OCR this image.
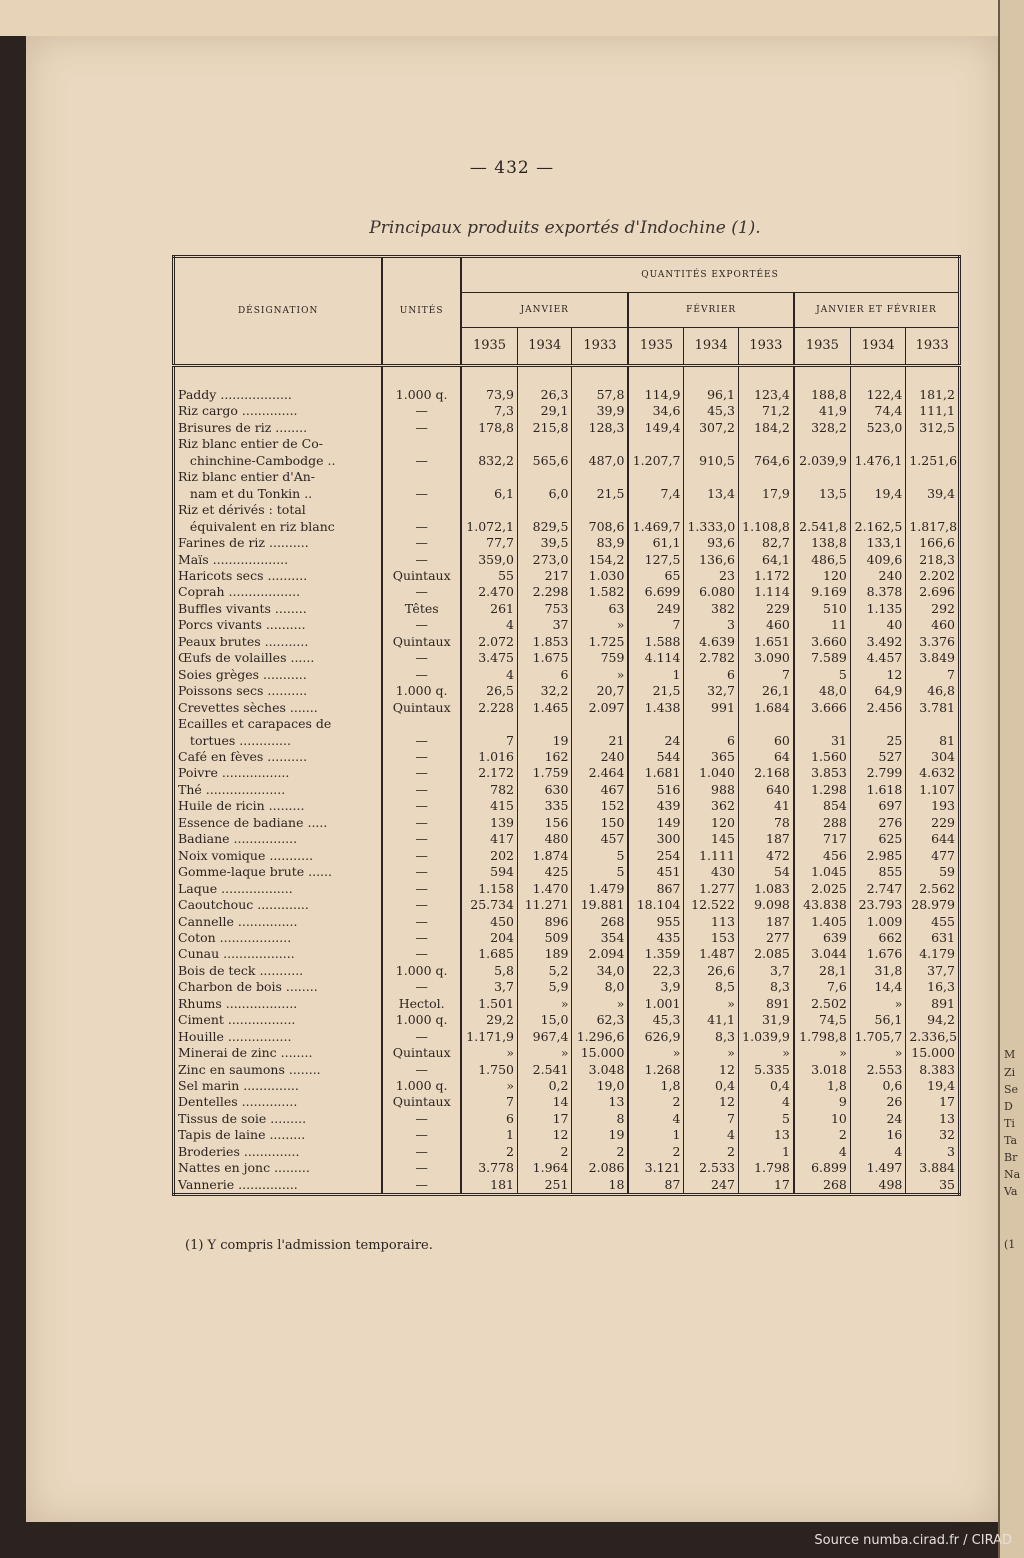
M
Zi
Se
D
Ti
Ta
Br
Na
Va
(1
— 432 —
Principaux produits exportés d'Indochine (1).
DÉSIGNATION	UNITÉS	QUANTITÉS EXPORTÉES								
		JANVIER			FÉVRIER			JANVIER ET FÉVRIER		
		1935	1934	1933	1935	1934	1933	1935	1934	1933

Paddy ..................	1.000 q.	73,9	26,3	57,8	114,9	96,1	123,4	188,8	122,4	181,2
Riz cargo ..............	—	7,3	29,1	39,9	34,6	45,3	71,2	41,9	74,4	111,1
Brisures de riz ........	—	178,8	215,8	128,3	149,4	307,2	184,2	328,2	523,0	312,5
Riz blanc entier de Co-										
chinchine-Cambodge ..	—	832,2	565,6	487,0	1.207,7	910,5	764,6	2.039,9	1.476,1	1.251,6
Riz blanc entier d'An-										
nam et du Tonkin ..	—	6,1	6,0	21,5	7,4	13,4	17,9	13,5	19,4	39,4
Riz et dérivés : total										
équivalent en riz blanc	—	1.072,1	829,5	708,6	1.469,7	1.333,0	1.108,8	2.541,8	2.162,5	1.817,8
Farines de riz ..........	—	77,7	39,5	83,9	61,1	93,6	82,7	138,8	133,1	166,6
Maïs ...................	—	359,0	273,0	154,2	127,5	136,6	64,1	486,5	409,6	218,3
Haricots secs ..........	Quintaux	55	217	1.030	65	23	1.172	120	240	2.202
Coprah ..................	—	2.470	2.298	1.582	6.699	6.080	1.114	9.169	8.378	2.696
Buffles vivants ........	Têtes	261	753	63	249	382	229	510	1.135	292
Porcs vivants ..........	—	4	37	»	7	3	460	11	40	460
Peaux brutes ...........	Quintaux	2.072	1.853	1.725	1.588	4.639	1.651	3.660	3.492	3.376
Œufs de volailles ......	—	3.475	1.675	759	4.114	2.782	3.090	7.589	4.457	3.849
Soies grèges ...........	—	4	6	»	1	6	7	5	12	7
Poissons secs ..........	1.000 q.	26,5	32,2	20,7	21,5	32,7	26,1	48,0	64,9	46,8
Crevettes sèches .......	Quintaux	2.228	1.465	2.097	1.438	991	1.684	3.666	2.456	3.781
Ecailles et carapaces de										
tortues .............	—	7	19	21	24	6	60	31	25	81
Café en fèves ..........	—	1.016	162	240	544	365	64	1.560	527	304
Poivre .................	—	2.172	1.759	2.464	1.681	1.040	2.168	3.853	2.799	4.632
Thé ....................	—	782	630	467	516	988	640	1.298	1.618	1.107
Huile de ricin .........	—	415	335	152	439	362	41	854	697	193
Essence de badiane .....	—	139	156	150	149	120	78	288	276	229
Badiane ................	—	417	480	457	300	145	187	717	625	644
Noix vomique ...........	—	202	1.874	5	254	1.111	472	456	2.985	477
Gomme-laque brute ......	—	594	425	5	451	430	54	1.045	855	59
Laque ..................	—	1.158	1.470	1.479	867	1.277	1.083	2.025	2.747	2.562
Caoutchouc .............	—	25.734	11.271	19.881	18.104	12.522	9.098	43.838	23.793	28.979
Cannelle ...............	—	450	896	268	955	113	187	1.405	1.009	455
Coton ..................	—	204	509	354	435	153	277	639	662	631
Cunau ..................	—	1.685	189	2.094	1.359	1.487	2.085	3.044	1.676	4.179
Bois de teck ...........	1.000 q.	5,8	5,2	34,0	22,3	26,6	3,7	28,1	31,8	37,7
Charbon de bois ........	—	3,7	5,9	8,0	3,9	8,5	8,3	7,6	14,4	16,3
Rhums ..................	Hectol.	1.501	»	»	1.001	»	891	2.502	»	891
Ciment .................	1.000 q.	29,2	15,0	62,3	45,3	41,1	31,9	74,5	56,1	94,2
Houille ................	—	1.171,9	967,4	1.296,6	626,9	8,3	1.039,9	1.798,8	1.705,7	2.336,5
Minerai de zinc ........	Quintaux	»	»	15.000	»	»	»	»	»	15.000
Zinc en saumons ........	—	1.750	2.541	3.048	1.268	12	5.335	3.018	2.553	8.383
Sel marin ..............	1.000 q.	»	0,2	19,0	1,8	0,4	0,4	1,8	0,6	19,4
Dentelles ..............	Quintaux	7	14	13	2	12	4	9	26	17
Tissus de soie .........	—	6	17	8	4	7	5	10	24	13
Tapis de laine .........	—	1	12	19	1	4	13	2	16	32
Broderies ..............	—	2	2	2	2	2	1	4	4	3
Nattes en jonc .........	—	3.778	1.964	2.086	3.121	2.533	1.798	6.899	1.497	3.884
Vannerie ...............	—	181	251	18	87	247	17	268	498	35
(1) Y compris l'admission temporaire.
Source numba.cirad.fr / CIRAD
